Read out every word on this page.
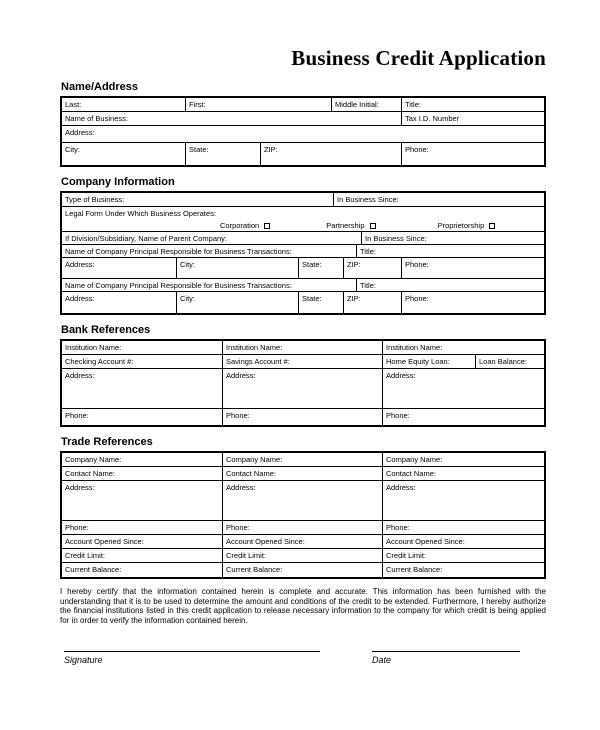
Business Credit Application
Name/Address
Last:	First:	Middle Initial:	Title:
Name of Business:	Tax I.D. Number
Address:
City:	State:	ZIP:	Phone:
Company Information
Type of Business:	In Business Since:
Legal Form Under Which Business Operates:
Corporation	Partnership	Proprietorship
If Division/Subsidiary, Name of Parent Company:	In Business Since:
Name of Company Principal Responsible for Business Transactions:	Title:
Address:	City:	State:	ZIP:	Phone:
Name of Company Principal Responsible for Business Transactions:	Title:
Address:	City:	State:	ZIP:	Phone:
Bank References
Institution Name:	Institution Name:	Institution Name:
Checking Account #:	Savings Account #:	Home Equity Loan:	Loan Balance:
Address:	Address:	Address:
Phone:	Phone:	Phone:
Trade References
Company Name:	Company Name:	Company Name:
Contact Name:	Contact Name:	Contact Name:
Address:	Address:	Address:
Phone:	Phone:	Phone:
Account Opened Since:	Account Opened Since:	Account Opened Since:
Credit Limit:	Credit Limit:	Credit Limit:
Current Balance:	Current Balance:	Current Balance:
I hereby certify that the information contained herein is complete and accurate. This information has been furnished with the understanding that it is to be used to determine the amount and conditions of the credit to be extended. Furthermore, I hereby authorize the financial institutions listed in this credit application to release necessary information to the company for which credit is being applied for in order to verify the information contained herein.
Signature	Date
